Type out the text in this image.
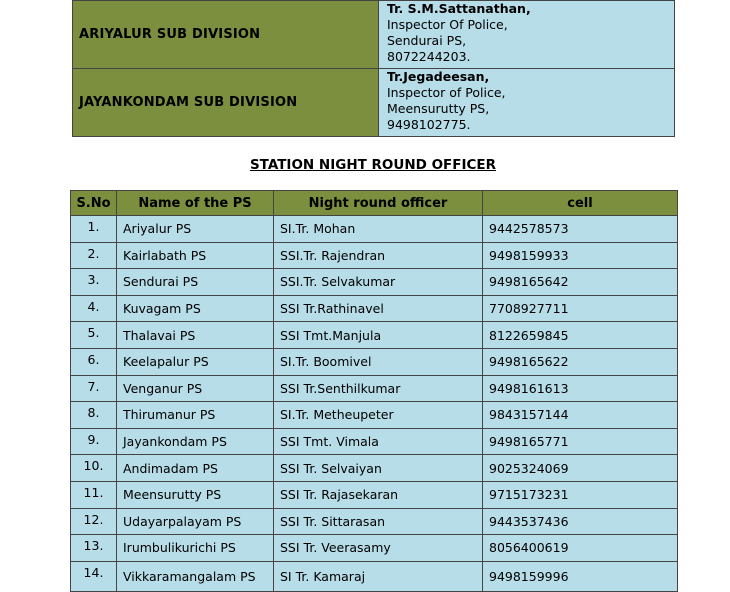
ARIYALUR SUB DIVISION	Tr. S.M.Sattanathan,
Inspector Of Police,
Sendurai PS,
8072244203.

JAYANKONDAM SUB DIVISION	Tr.Jegadeesan,
Inspector of Police,
Meensurutty PS,
9498102775.
STATION NIGHT ROUND OFFICER
S.No	Name of the PS	Night round officer	cell
1.	Ariyalur PS	SI.Tr. Mohan	9442578573
2.	Kairlabath PS	SSI.Tr. Rajendran	9498159933
3.	Sendurai PS	SSI.Tr. Selvakumar	9498165642
4.	Kuvagam PS	SSI Tr.Rathinavel	7708927711
5.	Thalavai PS	SSI Tmt.Manjula	8122659845
6.	Keelapalur PS	SI.Tr. Boomivel	9498165622
7.	Venganur PS	SSI Tr.Senthilkumar	9498161613
8.	Thirumanur PS	SI.Tr. Metheupeter	9843157144
9.	Jayankondam PS	SSI Tmt. Vimala	9498165771
10.	Andimadam PS	SSI Tr. Selvaiyan	9025324069
11.	Meensurutty PS	SSI Tr. Rajasekaran	9715173231
12.	Udayarpalayam PS	SSI Tr. Sittarasan	9443537436
13.	Irumbulikurichi PS	SSI Tr. Veerasamy	8056400619
14.	Vikkaramangalam PS	SI Tr. Kamaraj	9498159996
